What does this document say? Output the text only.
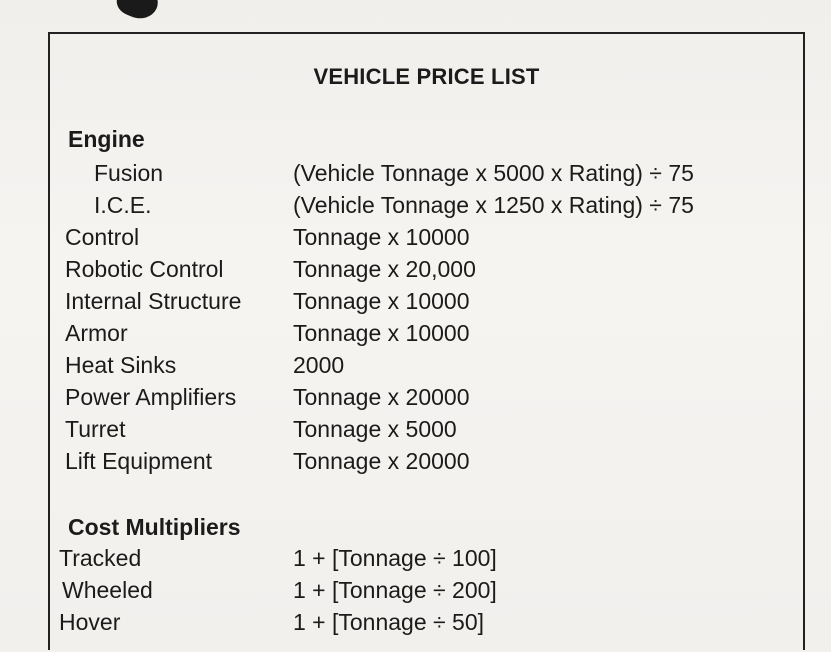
VEHICLE PRICE LIST
Engine
Fusion	(Vehicle Tonnage x 5000 x Rating) ÷ 75
I.C.E.	(Vehicle Tonnage x 1250 x Rating) ÷ 75
Control	Tonnage x 10000
Robotic Control	Tonnage x 20,000
Internal Structure Tonnage x 10000
Armor	Tonnage x 10000
Heat Sinks	2000
Power Amplifiers Tonnage x 20000
Turret	Tonnage x 5000
Lift Equipment	Tonnage x 20000
Cost Multipliers
Tracked	1 + [Tonnage ÷ 100]
Wheeled	1 + [Tonnage ÷ 200]
Hover	1 + [Tonnage ÷ 50]
